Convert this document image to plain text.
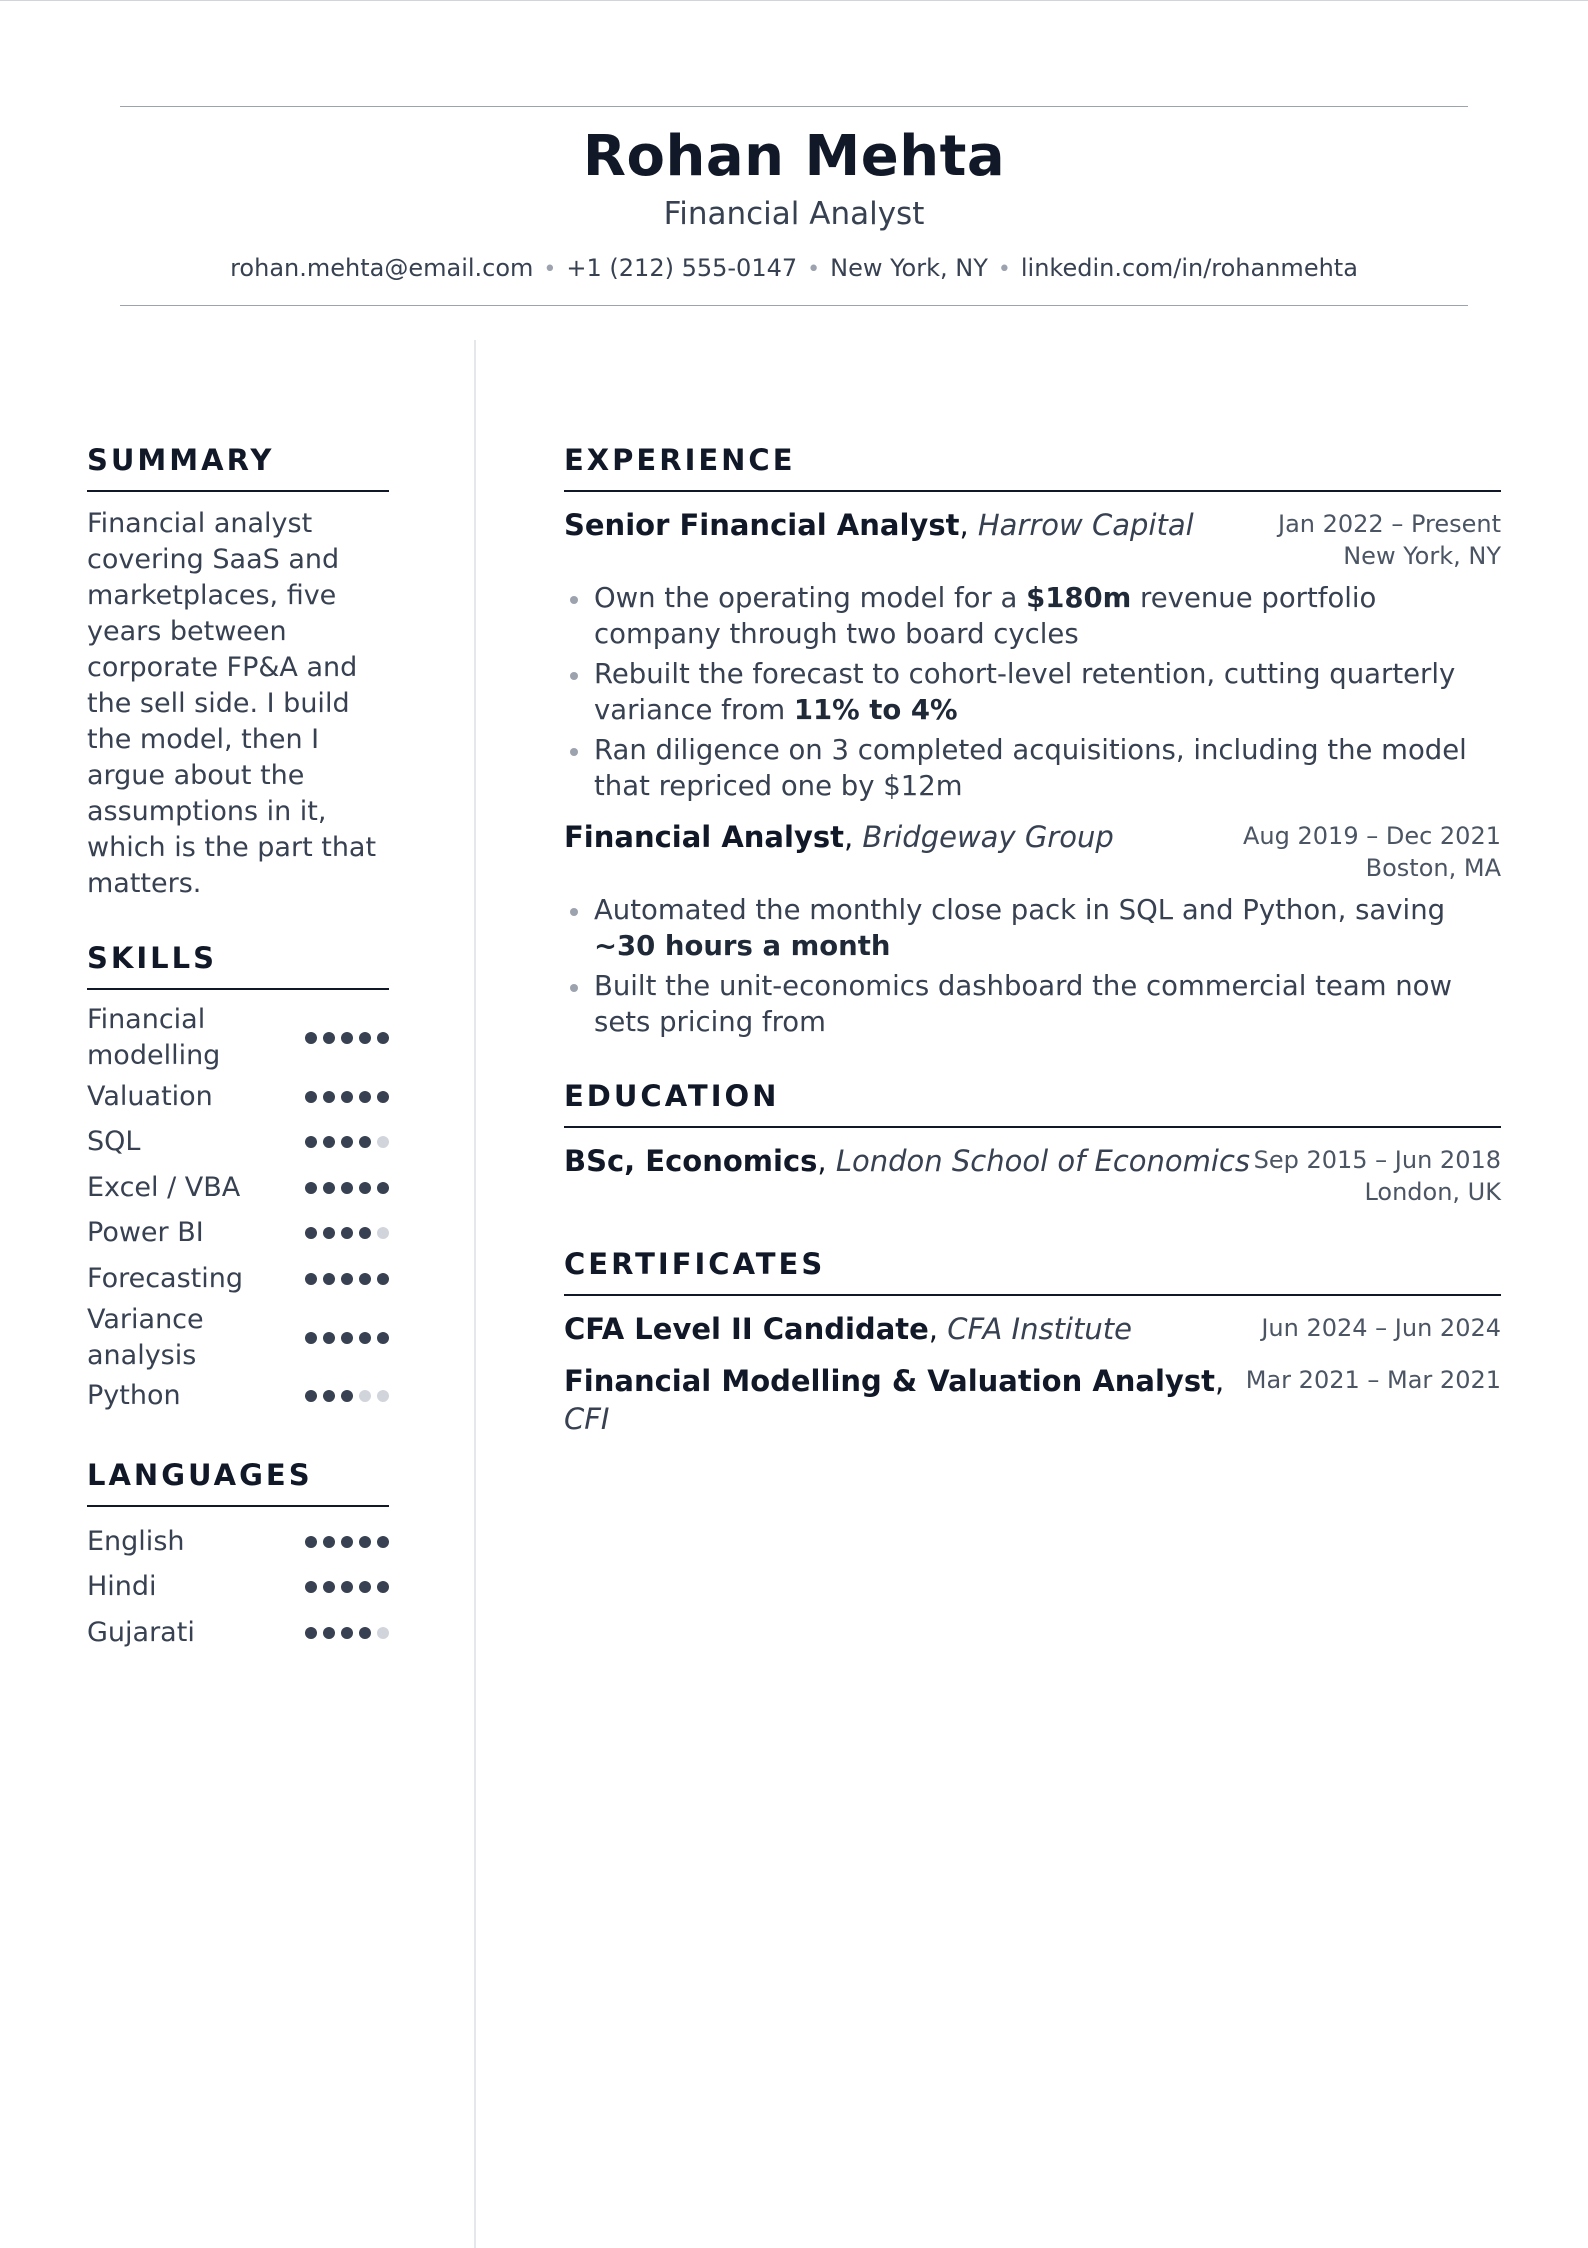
Rohan Mehta
Financial Analyst
rohan.mehta@email.com • +1 (212) 555-0147 • New York, NY • linkedin.com/in/rohanmehta
SUMMARY

Financial analyst covering SaaS and marketplaces, five years between corporate FP&A and the sell side. I build the model, then I argue about the assumptions in it, which is the part that matters.

SKILLS
Financial modelling
Valuation
SQL
Excel / VBA
Power BI
Forecasting
Variance analysis
Python
LANGUAGES
English
Hindi
Gujarati
EXPERIENCE
Senior Financial Analyst, Harrow Capital	Jan 2022 – Present
New York, NY
Own the operating model for a $180m revenue portfolio company through two board cycles
Rebuilt the forecast to cohort-level retention, cutting quarterly variance from 11% to 4%
Ran diligence on 3 completed acquisitions, including the model that repriced one by $12m
Financial Analyst, Bridgeway Group	Aug 2019 – Dec 2021
Boston, MA
Automated the monthly close pack in SQL and Python, saving ~30 hours a month
Built the unit-economics dashboard the commercial team now sets pricing from
EDUCATION
BSc, Economics, London School of Economics Sep 2015 – Jun 2018
London, UK
CERTIFICATES
CFA Level II Candidate, CFA Institute	Jun 2024 – Jun 2024
Financial Modelling & Valuation Analyst, CFI
Mar 2021 – Mar 2021
